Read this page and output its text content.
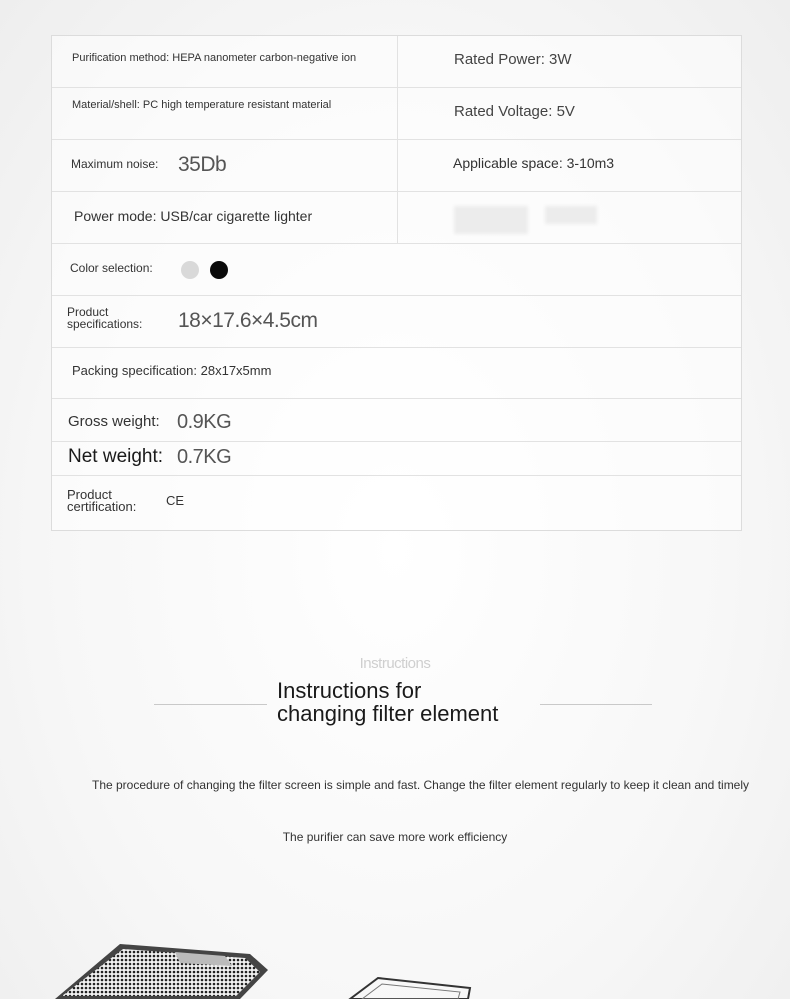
Purification method: HEPA nanometer carbon-negative ion	Rated Power: 3W
Material/shell: PC high temperature resistant material	Rated Voltage: 5V
Maximum noise: 35Db	Applicable space: 3-10m3
Power mode: USB/car cigarette lighter
Color selection:
Product
specifications: 18×17.6×4.5cm
Packing specification: 28x17x5mm
Gross weight: 0.9KG
Net weight: 0.7KG
Product
certification: CE
Instructions
Instructions for
changing filter element
The procedure of changing the filter screen is simple and fast. Change the filter element regularly to keep it clean and timely
The purifier can save more work efficiency
